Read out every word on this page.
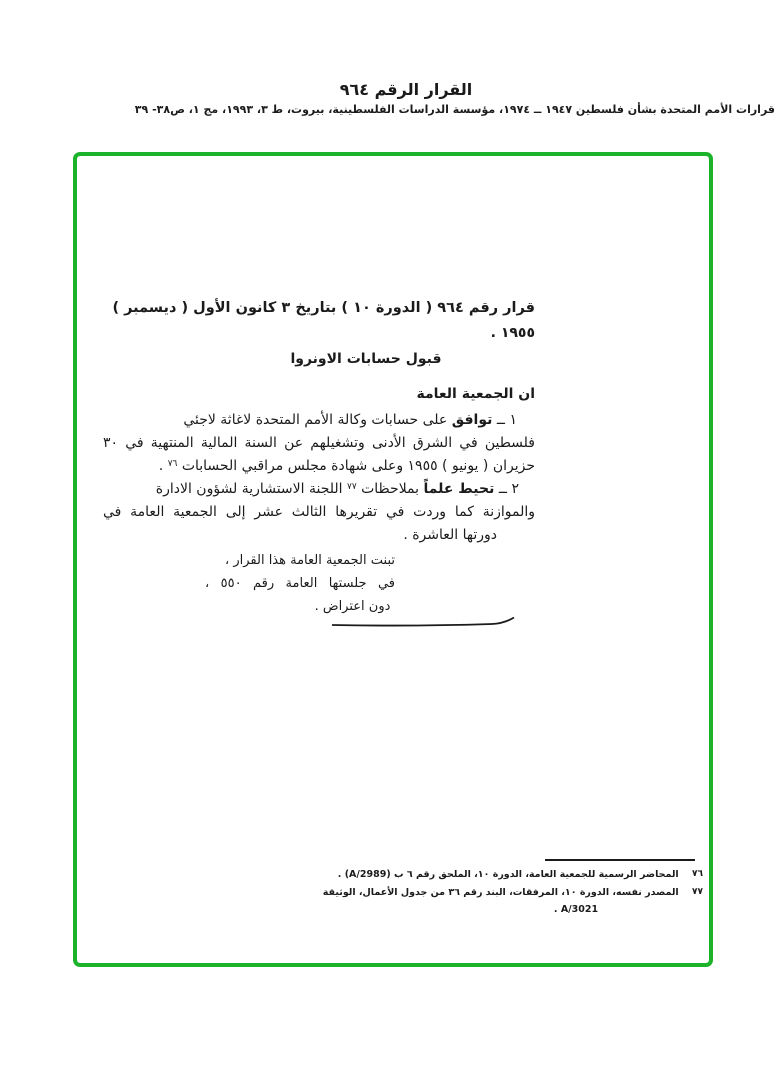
القرار الرقم ٩٦٤
قرارات الأمم المتحدة بشأن فلسطين ١٩٤٧ ــ ١٩٧٤، مؤسسة الدراسات الفلسطينية، بيروت، ط ٣، ١٩٩٣، مج ١، ص٣٨- ٣٩
قرار رقم ٩٦٤ ( الدورة ١٠ ) بتاريخ ٣ كانون الأول ( ديسمبر )
١٩٥٥ .
قبول حسابات الاونروا
ان الجمعية العامة
١ ــ توافق على حسابات وكالة الأمم المتحدة لاغاثة لاجئي
فلسطين في الشرق الأدنى وتشغيلهم عن السنة المالية المنتهية في ٣٠
حزيران ( يونيو ) ١٩٥٥ وعلى شهادة مجلس مراقبي الحسابات $^{٧٦}$ .
٢ ــ تحيط علماً بملاحظات $^{٧٧}$ اللجنة الاستشارية لشؤون الادارة
والموازنة كما وردت في تقريرها الثالث عشر إلى الجمعية العامة في
دورتها العاشرة .
تبنت الجمعية العامة هذا القرار ،
في جلستها العامة رقم ٥٥٠ ،
دون اعتراض .
٧٦ المحاضر الرسمية للجمعية العامة، الدورة ١٠، الملحق رقم ٦ ب (A/2989) .
٧٧ المصدر نفسه، الدورة ١٠، المرفقات، البند رقم ٣٦ من جدول الأعمال، الوثيقة
A/3021 .
